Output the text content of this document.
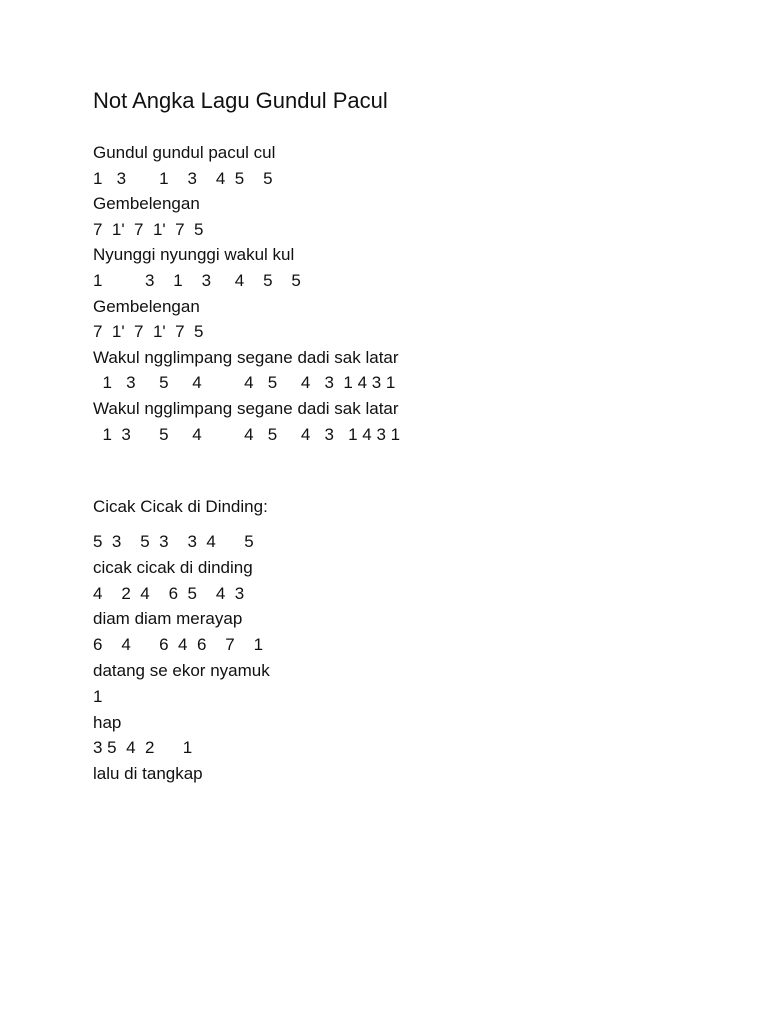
Not Angka Lagu Gundul Pacul
Gundul gundul pacul cul
1   3       1    3    4  5    5
Gembelengan
7  1'  7  1'  7  5
Nyunggi nyunggi wakul kul
1         3    1    3     4    5    5
Gembelengan
7  1'  7  1'  7  5
Wakul ngglimpang segane dadi sak latar
1   3     5     4         4   5     4   3  1 4 3 1
Wakul ngglimpang segane dadi sak latar
1  3      5     4         4   5     4   3   1 4 3 1
Cicak Cicak di Dinding:
5  3    5  3    3  4      5
cicak cicak di dinding
4    2  4    6  5    4  3
diam diam merayap
6    4      6  4  6    7    1
datang se ekor nyamuk
1
hap
3 5  4  2      1
lalu di tangkap
